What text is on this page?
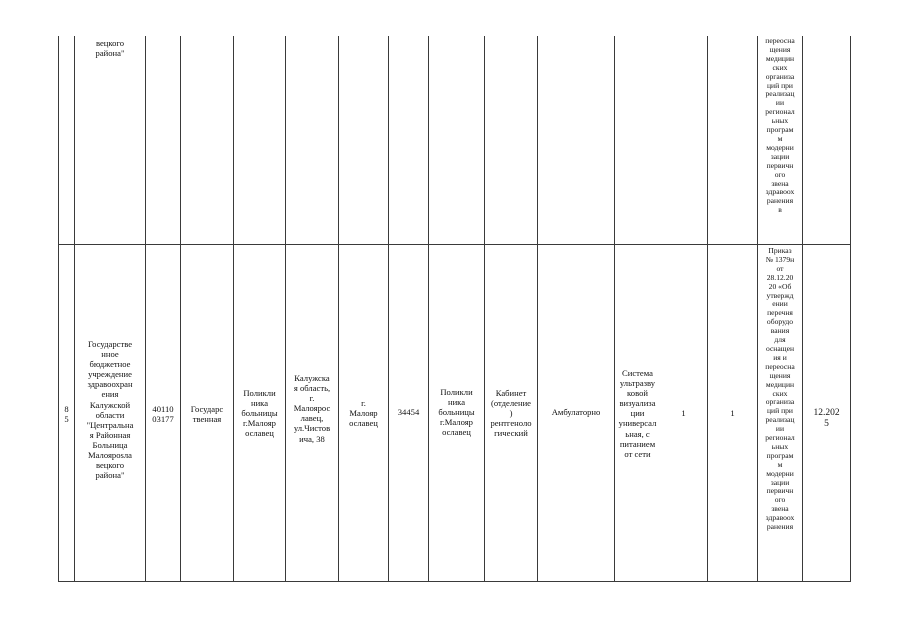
вецкого
района"
переосна
щения
медицин
ских
организа
ций при
реализац
ии
регионал
ьных
програм
м
модерни
зации
первичн
ого
звена
здравоох
ранения
в
8
5
Государстве
нное
бюджетное
учреждение
здравоохран
ения
Калужской
области
"Центральна
я Районная
Больница
Малоярosла
вецкого
района"
40110
03177
Государс
твенная
Поликли
ника
больницы
г.Малояр
ославец
Калужска
я область,
г.
Малоярос
лавец,
ул.Чистов
ича, 38
г.
Малояр
ославец
34454
Поликли
ника
больницы
г.Малояр
ославец
Кабинет
(отделение
)
рентгеноло
гический
Амбулаторно
Система
ультразву
ковой
визуализа
ции
универсал
ьная, с
питанием
от сети
1	1
Приказ
№ 1379н
от
28.12.20
20 «Об
утвержд
ении
перечня
оборудо
вания
для
оснащен
ия и
переосна
щения
медицин
ских
организа
ций при
реализац
ии
регионал
ьных
програм
м
модерни
зации
первичн
ого
звена
здравоох
ранения
12.202
5
